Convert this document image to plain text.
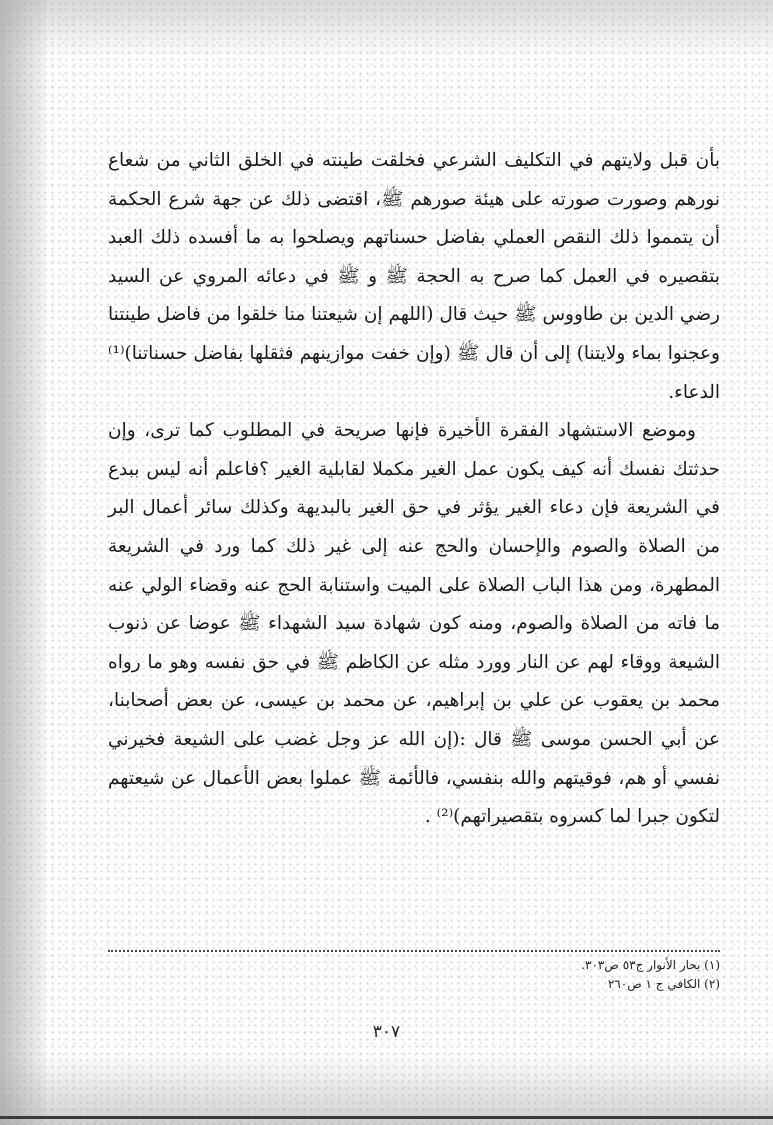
بأن قبل ولايتهم في التكليف الشرعي فخلقت طينته في الخلق الثاني من شعاع نورهم وصورت صورته على هيئة صورهم ﷺ، اقتضى ذلك عن جهة شرع الحكمة أن يتمموا ذلك النقص العملي بفاضل حسناتهم ويصلحوا به ما أفسده ذلك العبد بتقصيره في العمل كما صرح به الحجة ﷺ و ﷺ في دعائه المروي عن السيد رضي الدين بن طاووس ﷺ حيث قال (اللهم إن شيعتنا منا خلقوا من فاضل طينتنا وعجنوا بماء ولايتنا) إلى أن قال ﷺ (وإن خفت موازينهم فثقلها بفاضل حسناتنا)⁽¹⁾ الدعاء.

وموضع الاستشهاد الفقرة الأخيرة فإنها صريحة في المطلوب كما ترى، وإن حدثتك نفسك أنه كيف يكون عمل الغير مكملا لقابلية الغير ؟فاعلم أنه ليس ببدع في الشريعة فإن دعاء الغير يؤثر في حق الغير بالبديهة وكذلك سائر أعمال البر من الصلاة والصوم والإحسان والحج عنه إلى غير ذلك كما ورد في الشريعة المطهرة، ومن هذا الباب الصلاة على الميت واستنابة الحج عنه وقضاء الولي عنه ما فاته من الصلاة والصوم، ومنه كون شهادة سيد الشهداء ﷺ عوضا عن ذنوب الشيعة ووقاء لهم عن النار وورد مثله عن الكاظم ﷺ في حق نفسه وهو ما رواه محمد بن يعقوب عن علي بن إبراهيم، عن محمد بن عيسى، عن بعض أصحابنا، عن أبي الحسن موسى ﷺ قال :(إن الله عز وجل غضب على الشيعة فخيرني نفسي أو هم، فوقيتهم والله بنفسي، فالأئمة ﷺ عملوا بعض الأعمال عن شيعتهم لتكون جبرا لما كسروه بتقصيراتهم)⁽²⁾ .

(١) بحار الأنوار ج٥٣ ص٣٠٣.
(٢) الكافي ج ١ ص٢٦٠
٣٠٧
